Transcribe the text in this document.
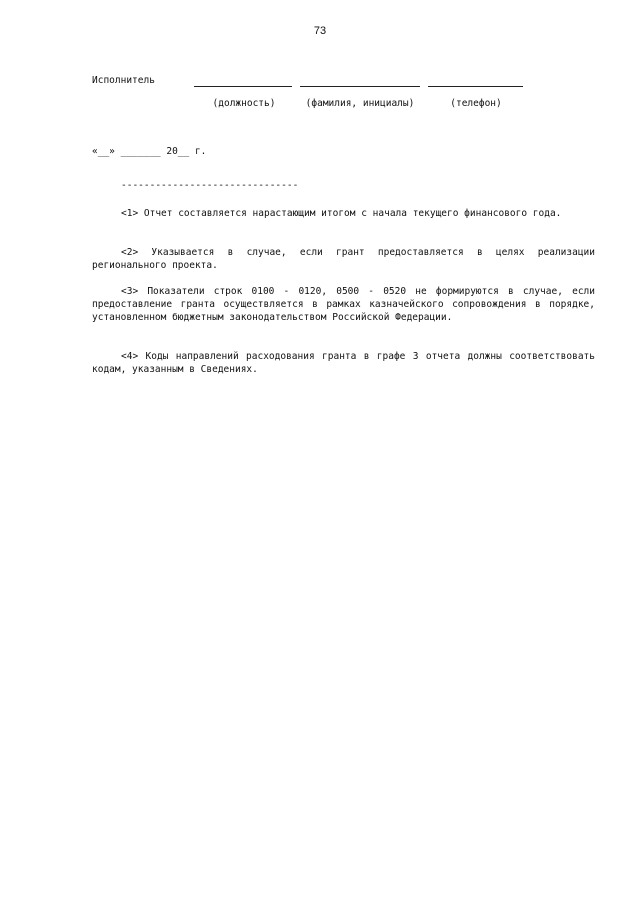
73
Исполнитель
(должность)	(фамилия, инициалы)	(телефон)
«__» _______ 20__ г.
-------------------------------
<1> Отчет составляется нарастающим итогом с начала текущего финансового года.
<2> Указывается в случае, если грант предоставляется в целях реализации регионального проекта.
<3> Показатели строк 0100 - 0120, 0500 - 0520 не формируются в случае, если предоставление гранта осуществляется в рамках казначейского сопровождения в порядке, установленном бюджетным законодательством Российской Федерации.
<4> Коды направлений расходования гранта в графе 3 отчета должны соответствовать кодам, указанным в Сведениях.
